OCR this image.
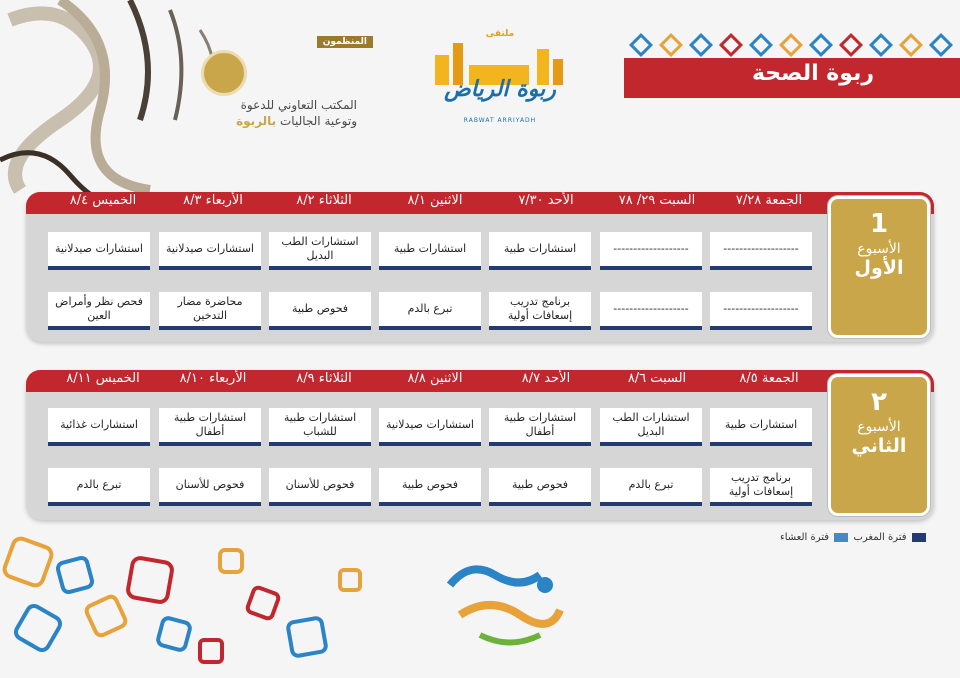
المنظمون
المكتب التعاوني للدعوة
وتوعية الجاليات بالربوة
ملتقى
ربوة الرياض
RABWAT ARRIYADH
ربوة الصحة
الجمعة ٧/٢٨
السبت ٢٩/ ٧٨
الأحد ٧/٣٠
الاثنين ٨/١
الثلاثاء ٨/٢
الأربعاء ٨/٣
الخميس ٨/٤
1
الأسبوع
الأول
-------------------
-------------------
استشارات طبية
استشارات طبية
استشارات الطب البديل
استشارات صيدلانية
استشارات صيدلانية
-------------------
-------------------
برنامج تدريب إسعافات أولية
تبرع بالدم
فحوص طبية
محاضرة مضار التدخين
فحص نظر وأمراض العين
الجمعة ٨/٥
السبت ٨/٦
الأحد ٨/٧
الاثنين ٨/٨
الثلاثاء ٨/٩
الأربعاء ٨/١٠
الخميس ٨/١١
٢
الأسبوع
الثاني
استشارات طبية
استشارات الطب البديل
استشارات طبية أطفال
استشارات صيدلانية
استشارات طبية للشباب
استشارات طبية أطفال
استشارات غذائية
برنامج تدريب إسعافات أولية
تبرع بالدم
فحوص طبية
فحوص طبية
فحوص للأسنان
فحوص للأسنان
تبرع بالدم
فترة المغرب  فترة العشاء
